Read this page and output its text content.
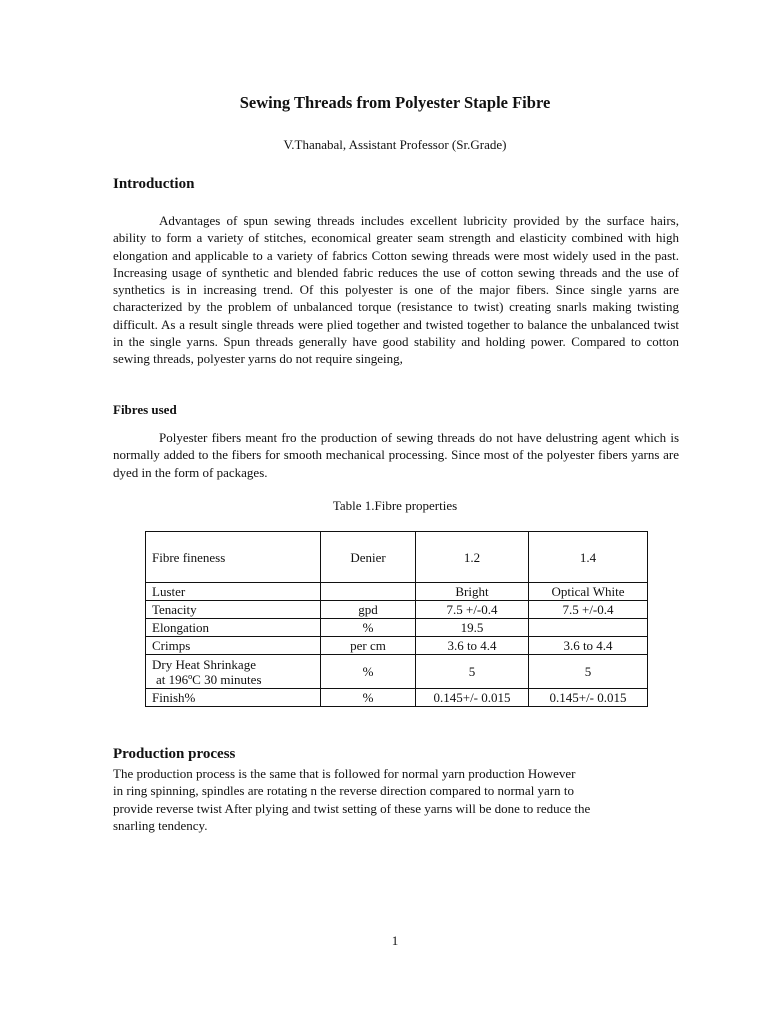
Sewing Threads from Polyester Staple Fibre

V.Thanabal, Assistant Professor (Sr.Grade)

Introduction

Advantages of spun sewing threads includes excellent lubricity provided by the surface hairs, ability to form a variety of stitches, economical greater seam strength and elasticity combined with high elongation and applicable to a variety of fabrics Cotton sewing threads were most widely used in the past. Increasing usage of synthetic and blended fabric reduces the use of cotton sewing threads and the use of synthetics is in increasing trend. Of this polyester is one of the major fibers. Since single yarns are characterized by the problem of unbalanced torque (resistance to twist) creating snarls making twisting difficult. As a result single threads were plied together and twisted together to balance the unbalanced twist in the single yarns. Spun threads generally have good stability and holding power. Compared to cotton sewing threads, polyester yarns do not require singeing,

Fibres used

Polyester fibers meant fro the production of sewing threads do not have delustring agent which is normally added to the fibers for smooth mechanical processing. Since most of the polyester fibers yarns are dyed in the form of packages.

Table 1.Fibre properties

Fibre fineness	Denier	1.2	1.4
Luster		Bright	Optical White
Tenacity	gpd	7.5 +/-0.4	7.5 +/-0.4
Elongation	%	19.5	
Crimps	per cm	3.6 to 4.4	3.6 to 4.4

Dry Heat Shrinkage
at 196ºC 30 minutes	%	5	5
Finish%	%	0.145+/- 0.015	0.145+/- 0.015
Production process
The production process is the same that is followed for normal yarn production However
in ring spinning, spindles are rotating n the reverse direction compared to normal yarn to
provide reverse twist After plying and twist setting of these yarns will be done to reduce the
snarling tendency.

1
